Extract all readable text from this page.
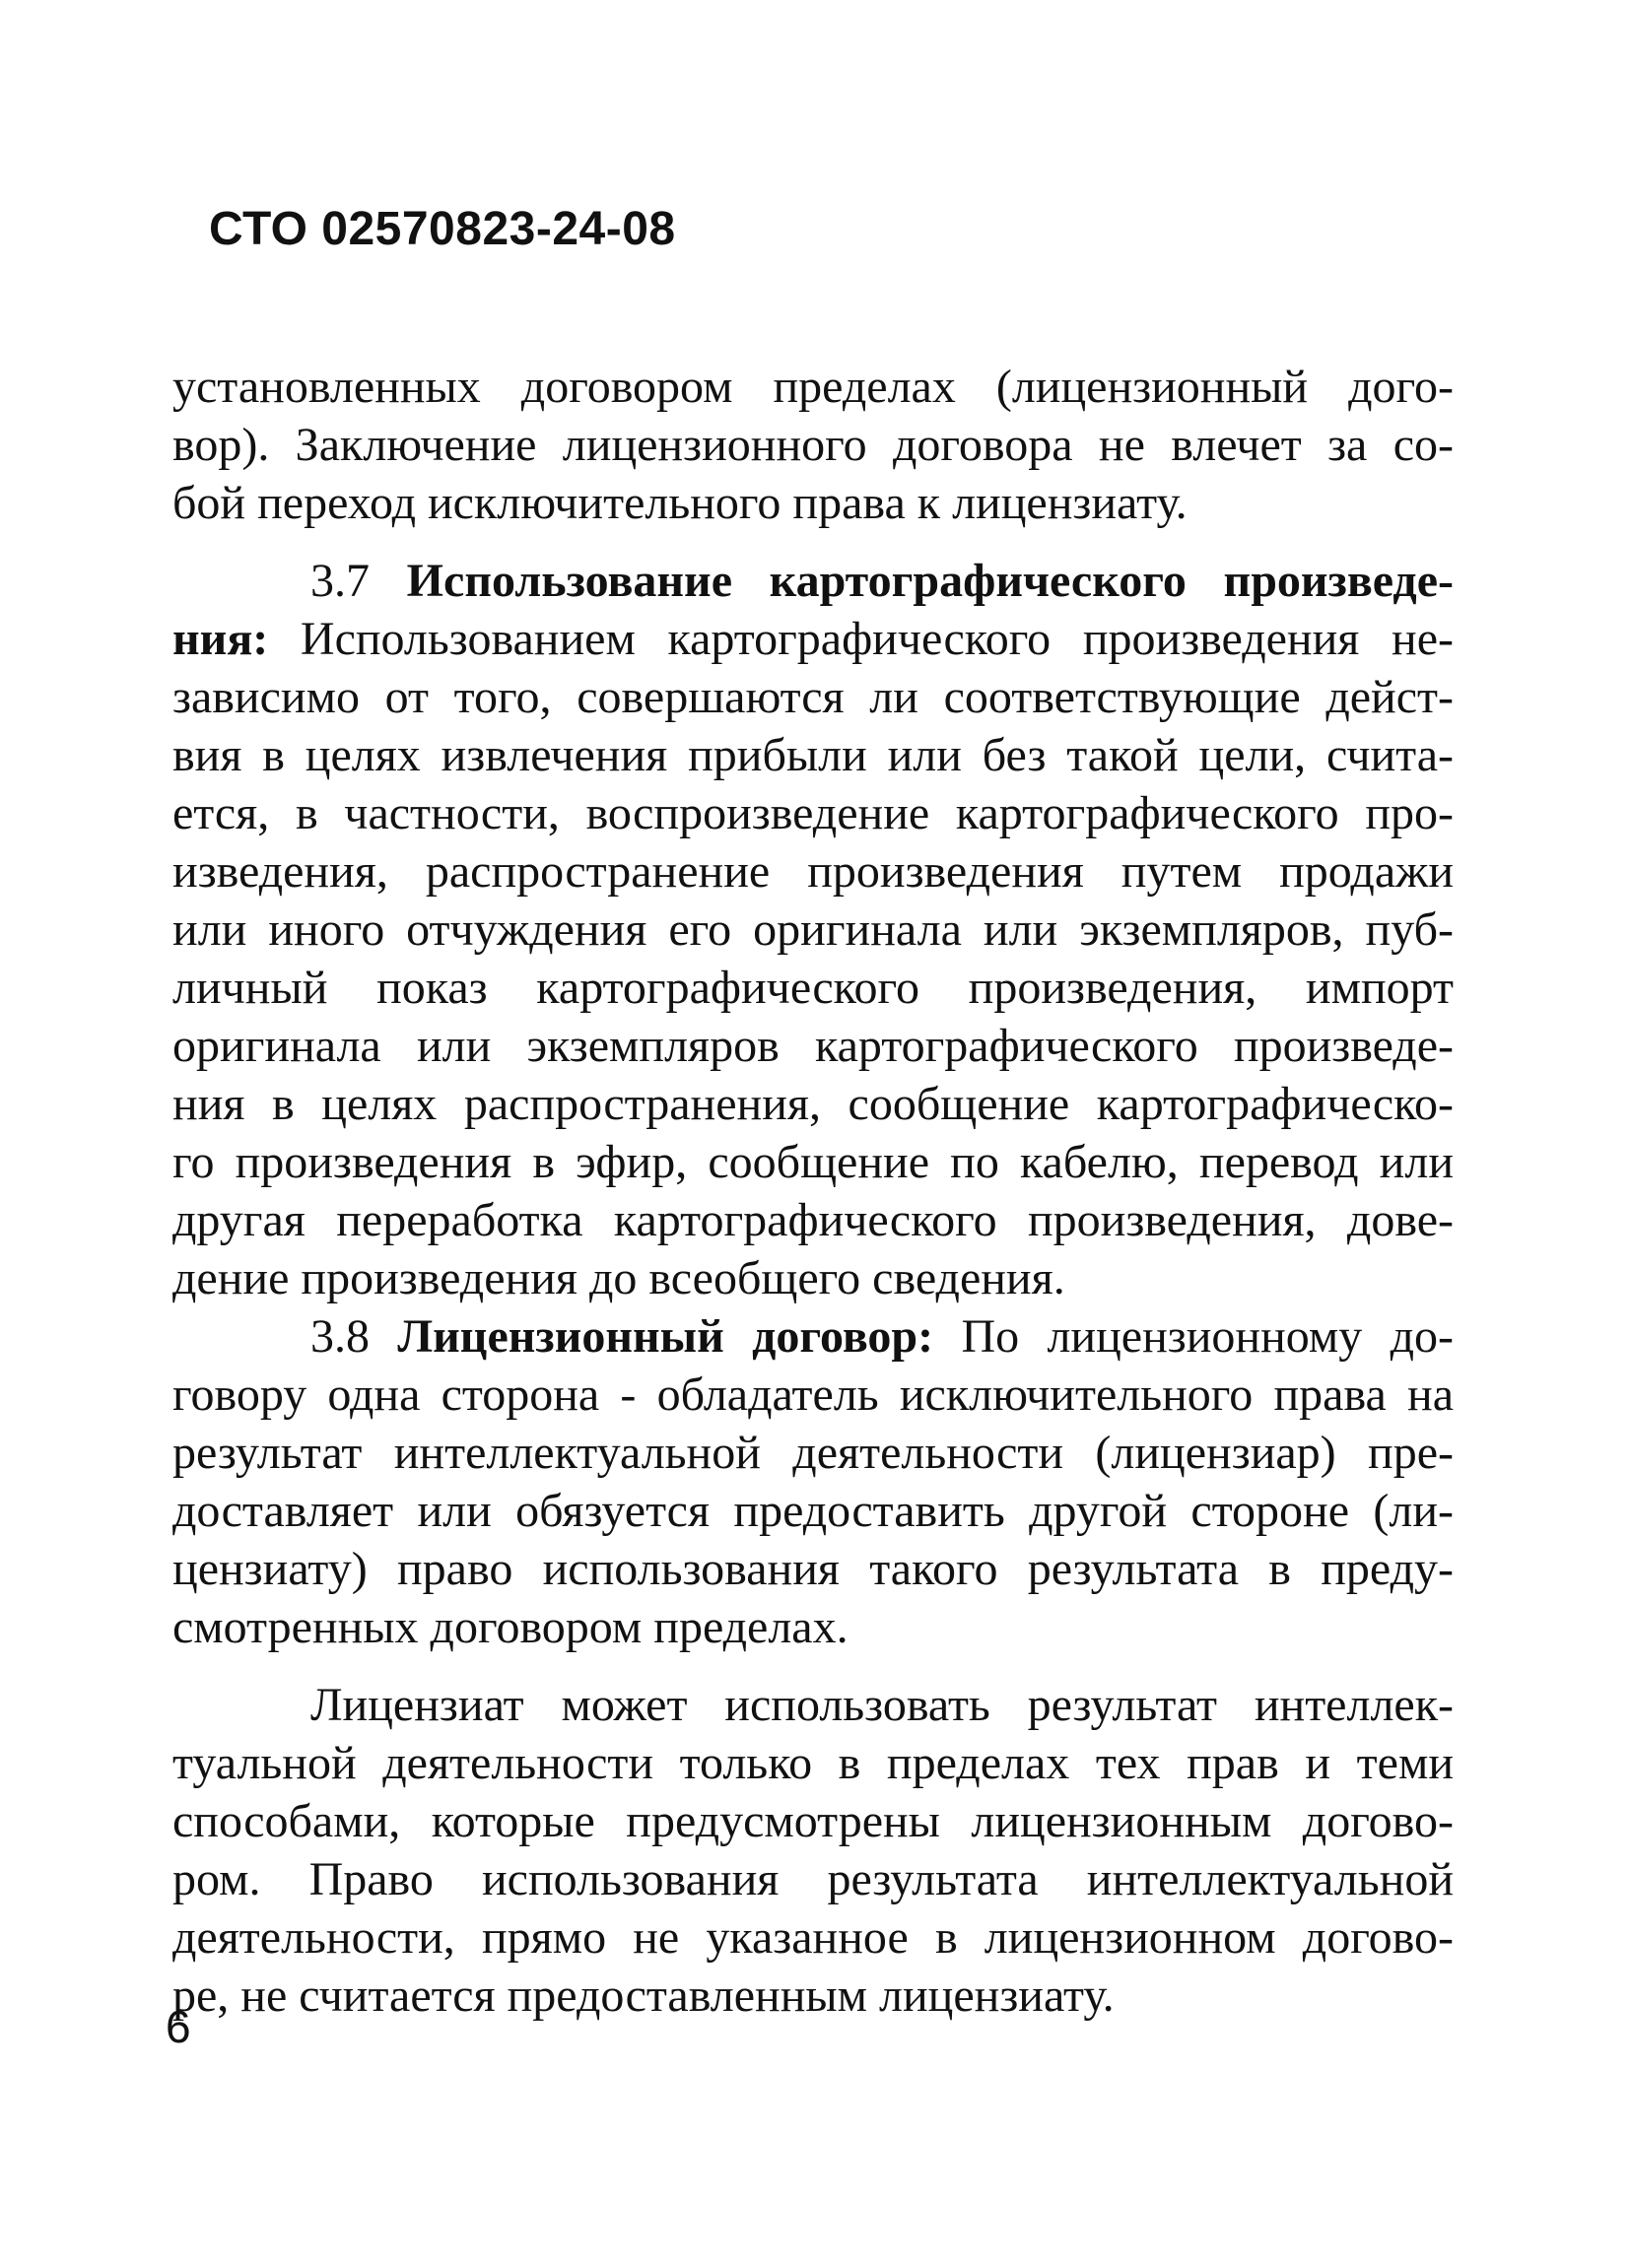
СТО 02570823-24-08
установленных договором пределах (лицензионный дого-
вор). Заключение лицензионного договора не влечет за со-
бой переход исключительного права к лицензиату.
3.7 Использование картографического произведе-
ния: Использованием картографического произведения не-
зависимо от того, совершаются ли соответствующие дейст-
вия в целях извлечения прибыли или без такой цели, счита-
ется, в частности, воспроизведение картографического про-
изведения, распространение произведения путем продажи
или иного отчуждения его оригинала или экземпляров, пуб-
личный показ картографического произведения, импорт
оригинала или экземпляров картографического произведе-
ния в целях распространения, сообщение картографическо-
го произведения в эфир, сообщение по кабелю, перевод или
другая переработка картографического произведения, дове-
дение произведения до всеобщего сведения.
3.8 Лицензионный договор: По лицензионному до-
говору одна сторона - обладатель исключительного права на
результат интеллектуальной деятельности (лицензиар) пре-
доставляет или обязуется предоставить другой стороне (ли-
цензиату) право использования такого результата в преду-
смотренных договором пределах.
Лицензиат может использовать результат интеллек-
туальной деятельности только в пределах тех прав и теми
способами, которые предусмотрены лицензионным догово-
ром. Право использования результата интеллектуальной
деятельности, прямо не указанное в лицензионном догово-
ре, не считается предоставленным лицензиату.
6
